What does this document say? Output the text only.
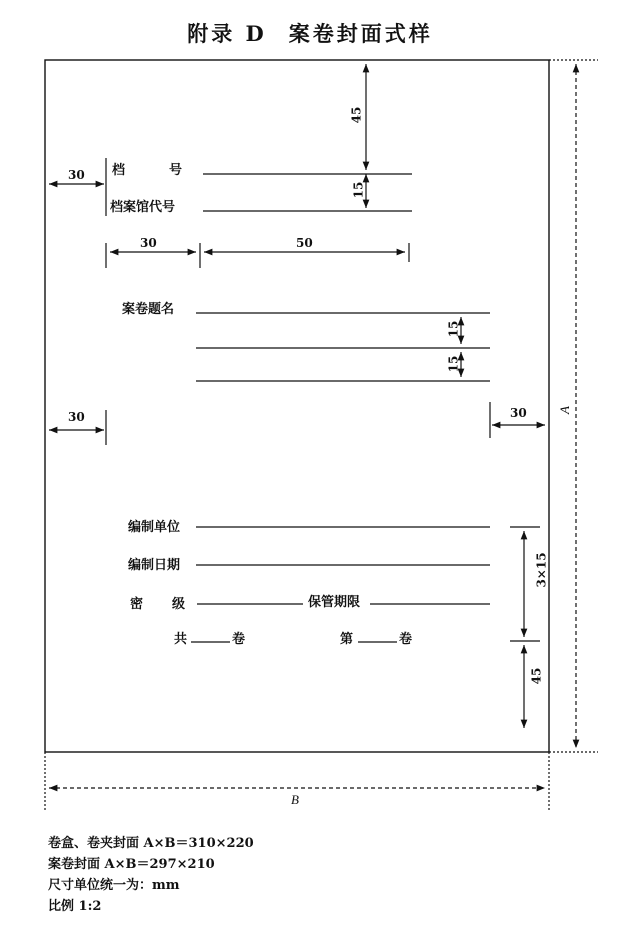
附录 D 案卷封面式样
档	号
档案馆代号
案卷题名
编制单位
编制日期
密 级	保管期限
共	卷	第	卷
45
30
15
30	50
15
15
30	30
3×15
45
A
B
卷盒、卷夹封面 A×B＝310×220
案卷封面 A×B＝297×210
尺寸单位统一为：mm
比例 1:2
